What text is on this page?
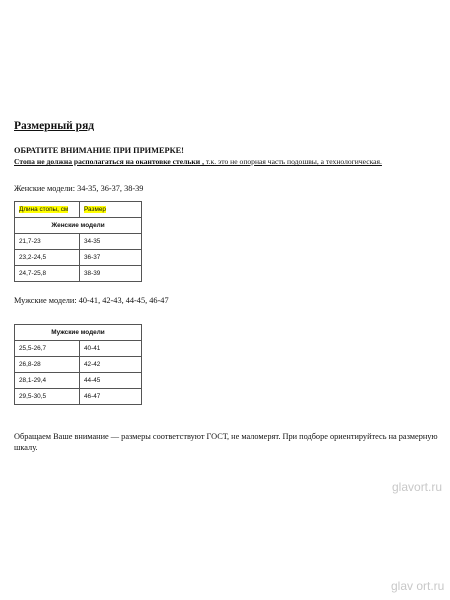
Размерный ряд
ОБРАТИТЕ ВНИМАНИЕ ПРИ ПРИМЕРКЕ!
Стопа не должна располагаться на окантовке стельки , т.к. это не опорная часть подошвы, а технологическая.
Женские модели: 34-35, 36-37, 38-39
Длина стопы, см	Размер
Женские модели	
21,7-23	34-35
23,2-24,5	36-37
24,7-25,8	38-39
Мужские модели: 40-41, 42-43, 44-45, 46-47
Мужские модели	
25,5-26,7	40-41
26,8-28	42-42
28,1-29,4	44-45
29,5-30,5	46-47
Обращаем Ваше внимание — размеры соответствуют ГОСТ, не маломерят. При подборе ориентируйтесь на размерную шкалу.
glavort.ru
glav ort.ru
